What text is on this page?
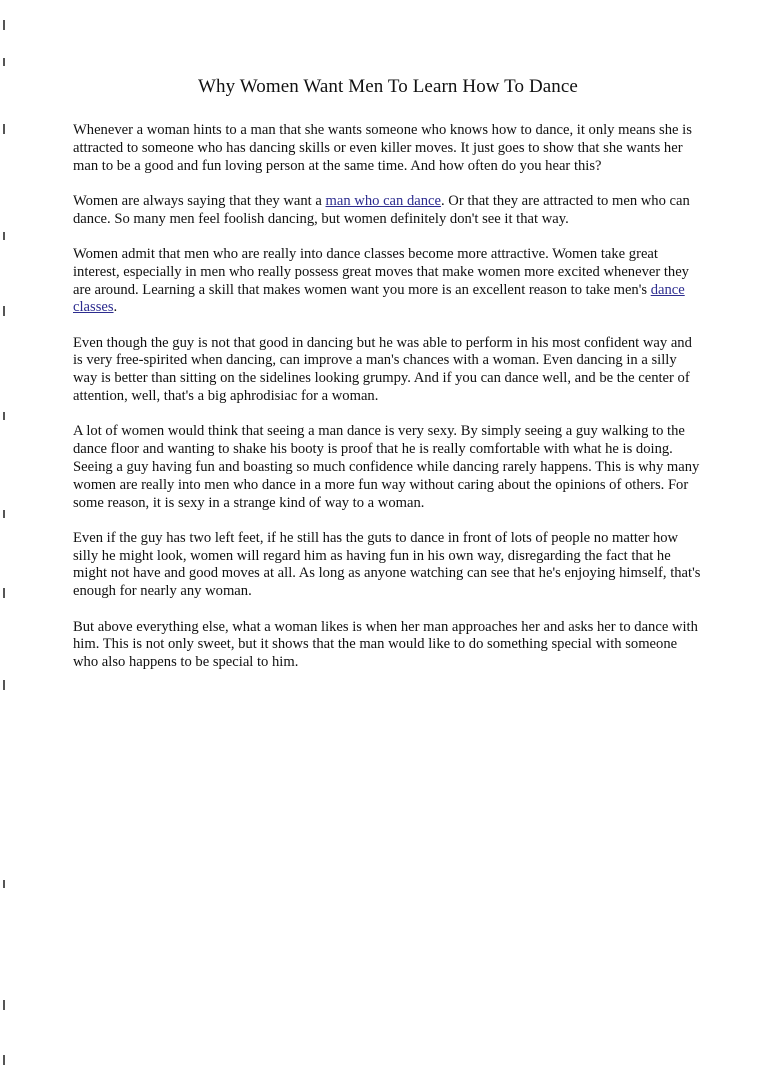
Why Women Want Men To Learn How To Dance

Whenever a woman hints to a man that she wants someone who knows how to dance, it only means she is attracted to someone who has dancing skills or even killer moves. It just goes to show that she wants her man to be a good and fun loving person at the same time. And how often do you hear this?

Women are always saying that they want a man who can dance. Or that they are attracted to men who can dance. So many men feel foolish dancing, but women definitely don't see it that way.

Women admit that men who are really into dance classes become more attractive. Women take great interest, especially in men who really possess great moves that make women more excited whenever they are around. Learning a skill that makes women want you more is an excellent reason to take men's dance classes.

Even though the guy is not that good in dancing but he was able to perform in his most confident way and is very free-spirited when dancing, can improve a man's chances with a woman. Even dancing in a silly way is better than sitting on the sidelines looking grumpy. And if you can dance well, and be the center of attention, well, that's a big aphrodisiac for a woman.

A lot of women would think that seeing a man dance is very sexy. By simply seeing a guy walking to the dance floor and wanting to shake his booty is proof that he is really comfortable with what he is doing. Seeing a guy having fun and boasting so much confidence while dancing rarely happens. This is why many women are really into men who dance in a more fun way without caring about the opinions of others. For some reason, it is sexy in a strange kind of way to a woman.

Even if the guy has two left feet, if he still has the guts to dance in front of lots of people no matter how silly he might look, women will regard him as having fun in his own way, disregarding the fact that he might not have and good moves at all. As long as anyone watching can see that he's enjoying himself, that's enough for nearly any woman.

But above everything else, what a woman likes is when her man approaches her and asks her to dance with him. This is not only sweet, but it shows that the man would like to do something special with someone who also happens to be special to him.
